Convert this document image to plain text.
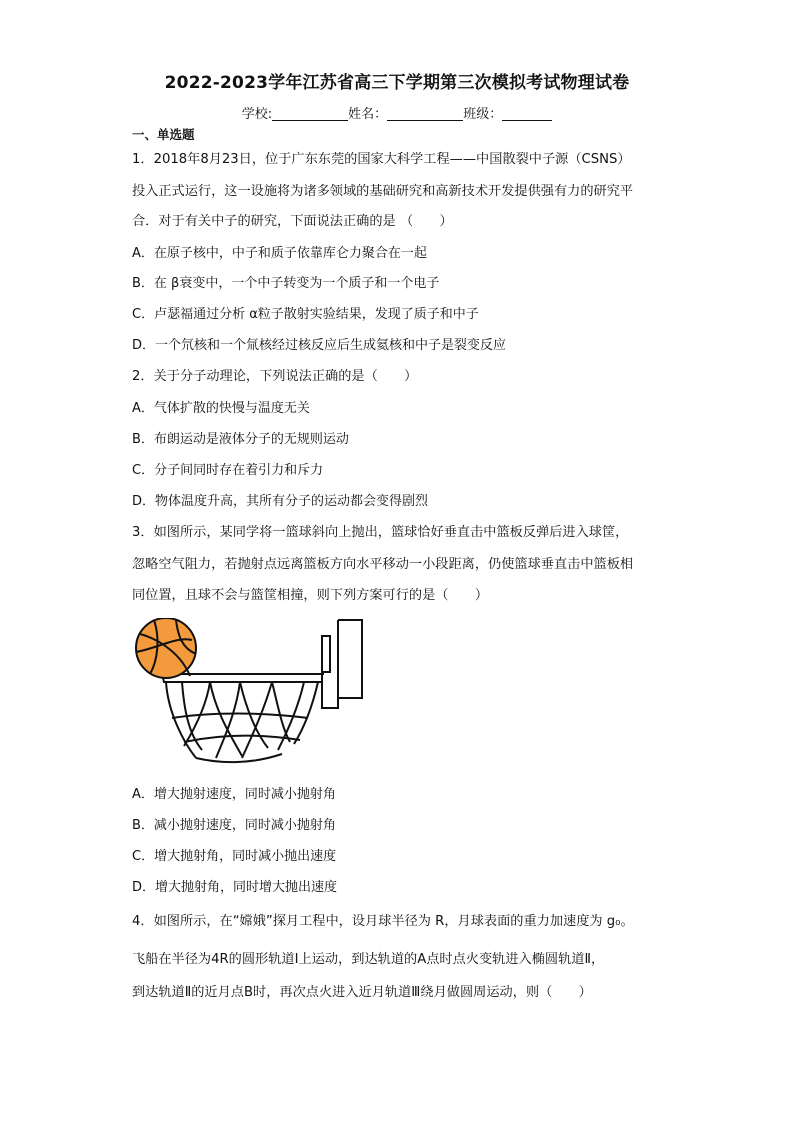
2022-2023学年江苏省高三下学期第三次模拟考试物理试卷
学校:	姓名：	班级：
一、单选题
1．2018年8月23日，位于广东东莞的国家大科学工程——中国散裂中子源（CSNS）
投入正式运行，这一设施将为诸多领域的基础研究和高新技术开发提供强有力的研究平
合．对于有关中子的研究，下面说法正确的是 （　　）
A．在原子核中，中子和质子依靠库仑力聚合在一起
B．在 β衰变中，一个中子转变为一个质子和一个电子
C．卢瑟福通过分析 α粒子散射实验结果，发现了质子和中子
D．一个氘核和一个氚核经过核反应后生成氦核和中子是裂变反应
2．关于分子动理论，下列说法正确的是（　　）
A．气体扩散的快慢与温度无关
B．布朗运动是液体分子的无规则运动
C．分子间同时存在着引力和斥力
D．物体温度升高，其所有分子的运动都会变得剧烈
3．如图所示，某同学将一篮球斜向上抛出，篮球恰好垂直击中篮板反弹后进入球筐，
忽略空气阻力，若抛射点远离篮板方向水平移动一小段距离，仍使篮球垂直击中篮板相
同位置，且球不会与篮筐相撞，则下列方案可行的是（　　）
A．增大抛射速度，同时减小抛射角
B．减小抛射速度，同时减小抛射角
C．增大抛射角，同时减小抛出速度
D．增大抛射角，同时增大抛出速度
4．如图所示，在“嫦娥”探月工程中，设月球半径为 R，月球表面的重力加速度为 g₀。
飞船在半径为4R的圆形轨道Ⅰ上运动，到达轨道的A点时点火变轨进入椭圆轨道Ⅱ，
到达轨道Ⅱ的近月点B时，再次点火进入近月轨道Ⅲ绕月做圆周运动，则（　　）
